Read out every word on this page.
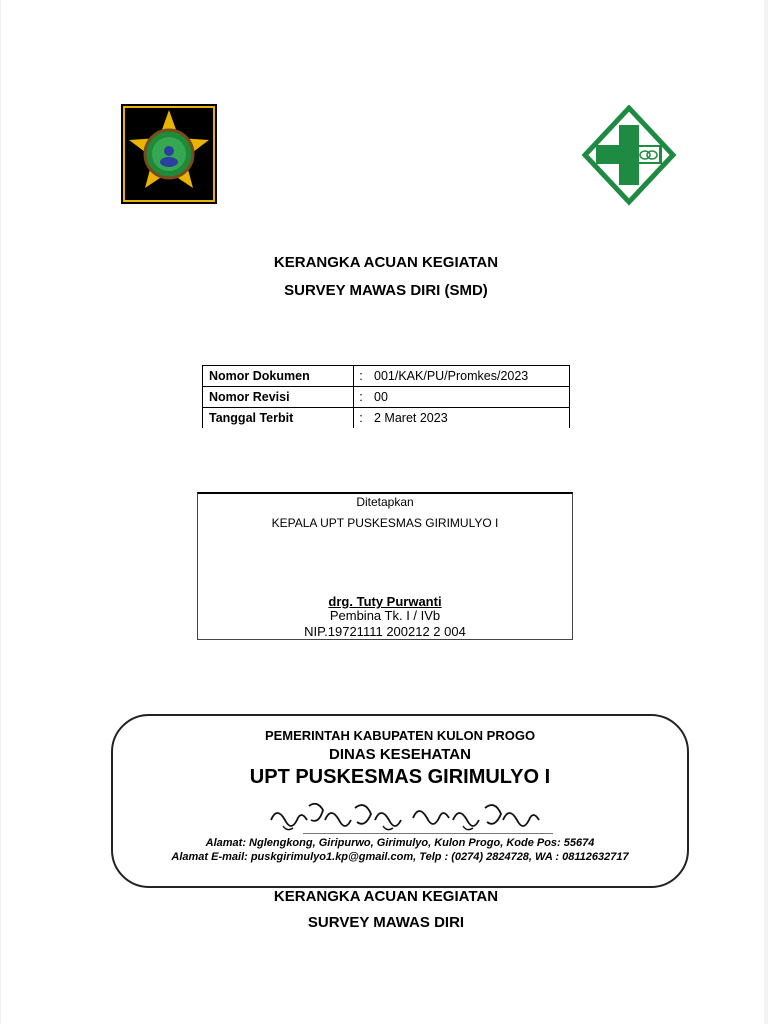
KERANGKA ACUAN KEGIATAN
SURVEY MAWAS DIRI (SMD)
Nomor Dokumen	:	001/KAK/PU/Promkes/2023
Nomor Revisi	:	00
Tanggal Terbit	:	2 Maret 2023
Ditetapkan
KEPALA UPT PUSKESMAS GIRIMULYO I
drg. Tuty Purwanti
Pembina Tk. I / IVb
NIP.19721111 200212 2 004
PEMERINTAH KABUPATEN KULON PROGO
DINAS KESEHATAN
UPT PUSKESMAS GIRIMULYO I
Alamat: Nglengkong, Giripurwo, Girimulyo, Kulon Progo, Kode Pos: 55674
Alamat E-mail: puskgirimulyo1.kp@gmail.com, Telp : (0274) 2824728, WA : 08112632717
KERANGKA ACUAN KEGIATAN
SURVEY MAWAS DIRI
